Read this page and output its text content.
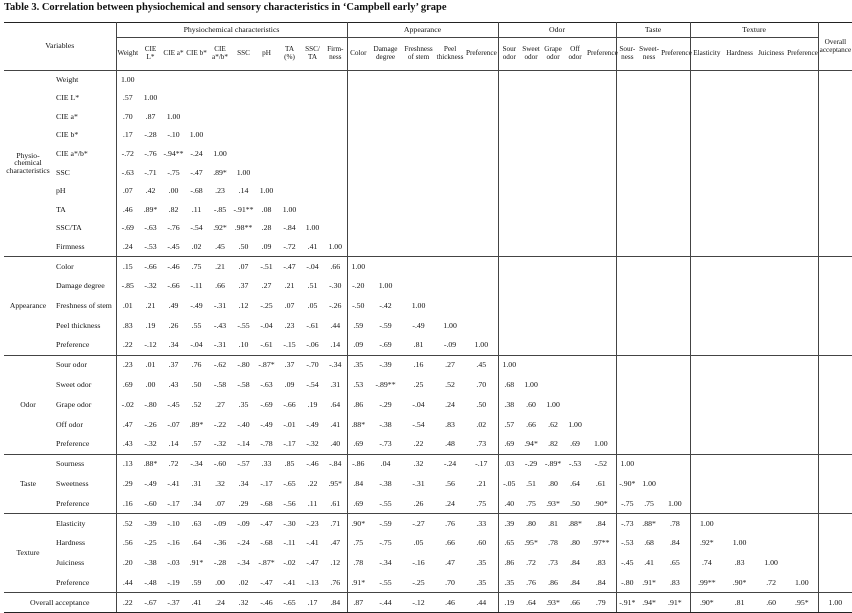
Table 3. Correlation between physiochemical and sensory characteristics in ‘Campbell early’ grape
Variables		Physiochemical characteristics										Appearance					Odor					Taste			Texture				Overall acceptance
		Weight	CIE L*	CIE a*	CIE b*	CIE a*/b*	SSC	pH	TA (%)	SSC/ TA	Firm- ness	Color	Damage degree	Freshness of stem	Peel thickness	Preference	Sour odor	Sweet odor	Grape odor	Off odor	Preference	Sour- ness	Sweet- ness	Preference	Elasticity	Hardness	Juiciness	Preference	
Physio- chemical characteristics	Weight	1.00																											
	CIE L*	.57	1.00																										
	CIE a*	.70	.87	1.00																									
	CIE b*	.17	-.28	-.10	1.00																								
	CIE a*/b*	-.72	-.76	-.94**	-.24	1.00																							
	SSC	-.63	-.71	-.75	-.47	.89*	1.00																						
	pH	.07	.42	.00	-.68	.23	.14	1.00																					
	TA	.46	.89*	.82	.11	-.85	-.91**	.08	1.00																				
	SSC/TA	-.69	-.63	-.76	-.54	.92*	.98**	.28	-.84	1.00																			
	Firmness	.24	-.53	-.45	.02	.45	.50	.09	-.72	.41	1.00																		
Appearance	Color	.15	-.66	-.46	.75	.21	.07	-.51	-.47	-.04	.66	1.00																	
	Damage degree	-.85	-.32	-.66	-.11	.66	.37	.27	.21	.51	-.30	-.20	1.00																
	Freshness of stem	.01	.21	.49	-.49	-.31	.12	-.25	.07	.05	-.26	-.50	-.42	1.00															
	Peel thickness	.83	.19	.26	.55	-.43	-.55	-.04	.23	-.61	.44	.59	-.59	-.49	1.00														
	Preference	.22	-.12	.34	-.04	-.31	.10	-.61	-.15	-.06	.14	.09	-.69	.81	-.09	1.00													
Odor	Sour odor	.23	.01	.37	.76	-.62	-.80	-.87*	.37	-.70	-.34	.35	-.39	.16	.27	.45	1.00												
	Sweet odor	.69	.00	.43	.50	-.58	-.58	-.63	.09	-.54	.31	.53	-.89**	.25	.52	.70	.68	1.00											
	Grape odor	-.02	-.80	-.45	.52	.27	.35	-.69	-.66	.19	.64	.86	-.29	-.04	.24	.50	.38	.60	1.00										
	Off odor	.47	-.26	-.07	.89*	-.22	-.40	-.49	-.01	-.49	.41	.88*	-.38	-.54	.83	.02	.57	.66	.62	1.00									
	Preference	.43	-.32	.14	.57	-.32	-.14	-.78	-.17	-.32	.40	.69	-.73	.22	.48	.73	.69	.94*	.82	.69	1.00								
Taste	Sourness	.13	.88*	.72	-.34	-.60	-.57	.33	.85	-.46	-.84	-.86	.04	.32	-.24	-.17	.03	-.29	-.89*	-.53	-.52	1.00							
	Sweetness	.29	-.49	-.41	.31	.32	.34	-.17	-.65	.22	.95*	.84	-.38	-.31	.56	.21	-.05	.51	.80	.64	.61	-.90*	1.00						
	Preference	.16	-.60	-.17	.34	.07	.29	-.68	-.56	.11	.61	.69	-.55	.26	.24	.75	.40	.75	.93*	.50	.90*	-.75	.75	1.00					
Texture	Elasticity	.52	-.39	-.10	.63	-.09	-.09	-.47	-.30	-.23	.71	.90*	-.59	-.27	.76	.33	.39	.80	.81	.88*	.84	-.73	.88*	.78	1.00				
	Hardness	.56	-.25	-.16	.64	-.36	-.24	-.68	-.11	-.41	.47	.75	-.75	.05	.66	.60	.65	.95*	.78	.80	.97**	-.53	.68	.84	.92*	1.00			
	Juiciness	.20	-.38	-.03	.91*	-.28	-.34	-.87*	-.02	-.47	.12	.78	-.34	-.16	.47	.35	.86	.72	.73	.84	.83	-.45	.41	.65	.74	.83	1.00		
	Preference	.44	-.48	-.19	.59	.00	.02	-.47	-.41	-.13	.76	.91*	-.55	-.25	.70	.35	.35	.76	.86	.84	.84	-.80	.91*	.83	.99**	.90*	.72	1.00	
Overall acceptance		.22	-.67	-.37	.41	.24	.32	-.46	-.65	.17	.84	.87	-.44	-.12	.46	.44	.19	.64	.93*	.66	.79	-.91*	.94*	.91*	.90*	.81	.60	.95*	1.00
